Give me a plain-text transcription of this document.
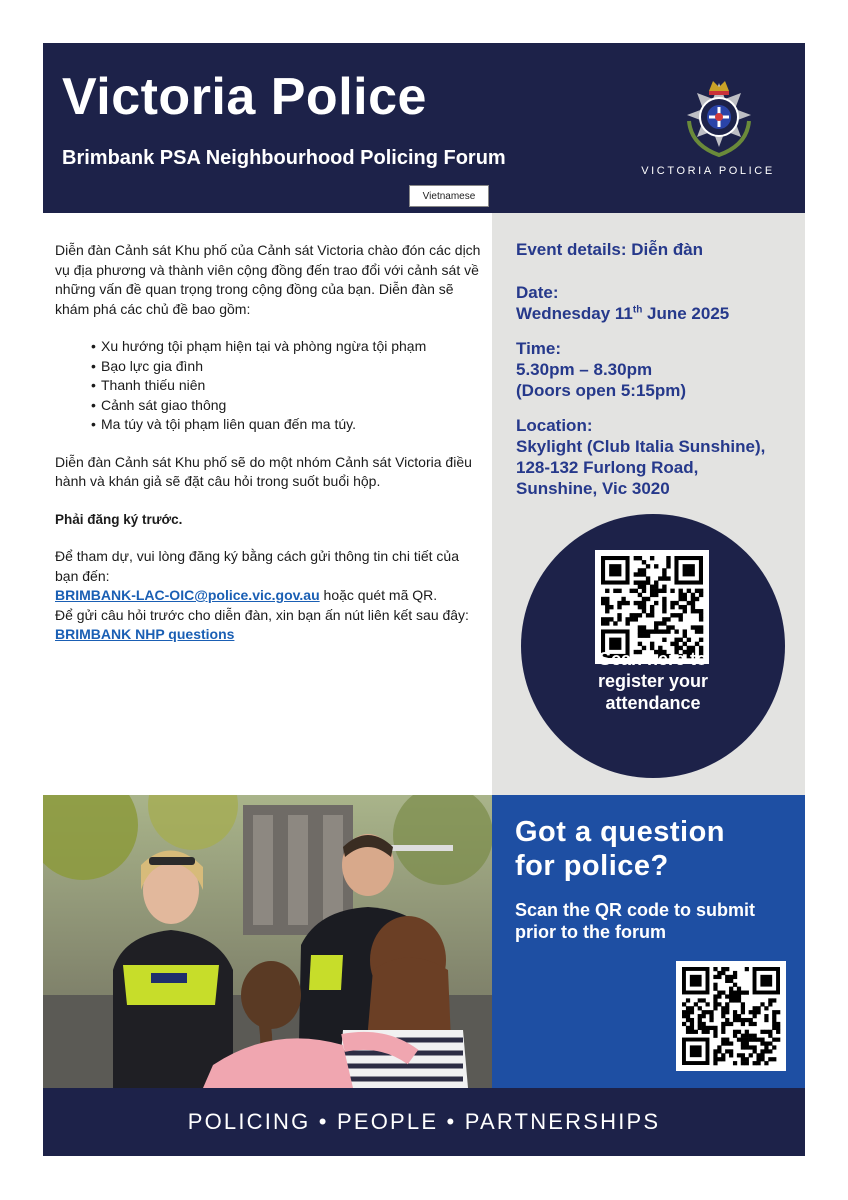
Victoria Police
Brimbank PSA Neighbourhood Policing Forum
Vietnamese
VICTORIA POLICE

Diễn đàn Cảnh sát Khu phố của Cảnh sát Victoria chào đón các dịch vụ địa phương và thành viên cộng đồng đến trao đổi với cảnh sát về những vấn đề quan trọng trong cộng đồng của bạn. Diễn đàn sẽ khám phá các chủ đề bao gồm:

• Xu hướng tội phạm hiện tại và phòng ngừa tội phạm
• Bạo lực gia đình
• Thanh thiếu niên
• Cảnh sát giao thông
• Ma túy và tội phạm liên quan đến ma túy.

Diễn đàn Cảnh sát Khu phố sẽ do một nhóm Cảnh sát Victoria điều hành và khán giả sẽ đặt câu hỏi trong suốt buổi hộp.

Phải đăng ký trước.

Để tham dự, vui lòng đăng ký bằng cách gửi thông tin chi tiết của bạn đến:
BRIMBANK-LAC-OIC@police.vic.gov.au hoặc quét mã QR.
Để gửi câu hỏi trước cho diễn đàn, xin bạn ấn nút liên kết sau đây:
BRIMBANK NHP questions

Event details: Diễn đàn
Date:
Wednesday 11th June 2025
Time:
5.30pm – 8.30pm
(Doors open 5:15pm)
Location:
Skylight (Club Italia Sunshine),
128-132 Furlong Road,
Sunshine, Vic 3020
Scan here to
register your
attendance
Got a question
for police?
Scan the QR code to submit
prior to the forum
POLICING • PEOPLE • PARTNERSHIPS
